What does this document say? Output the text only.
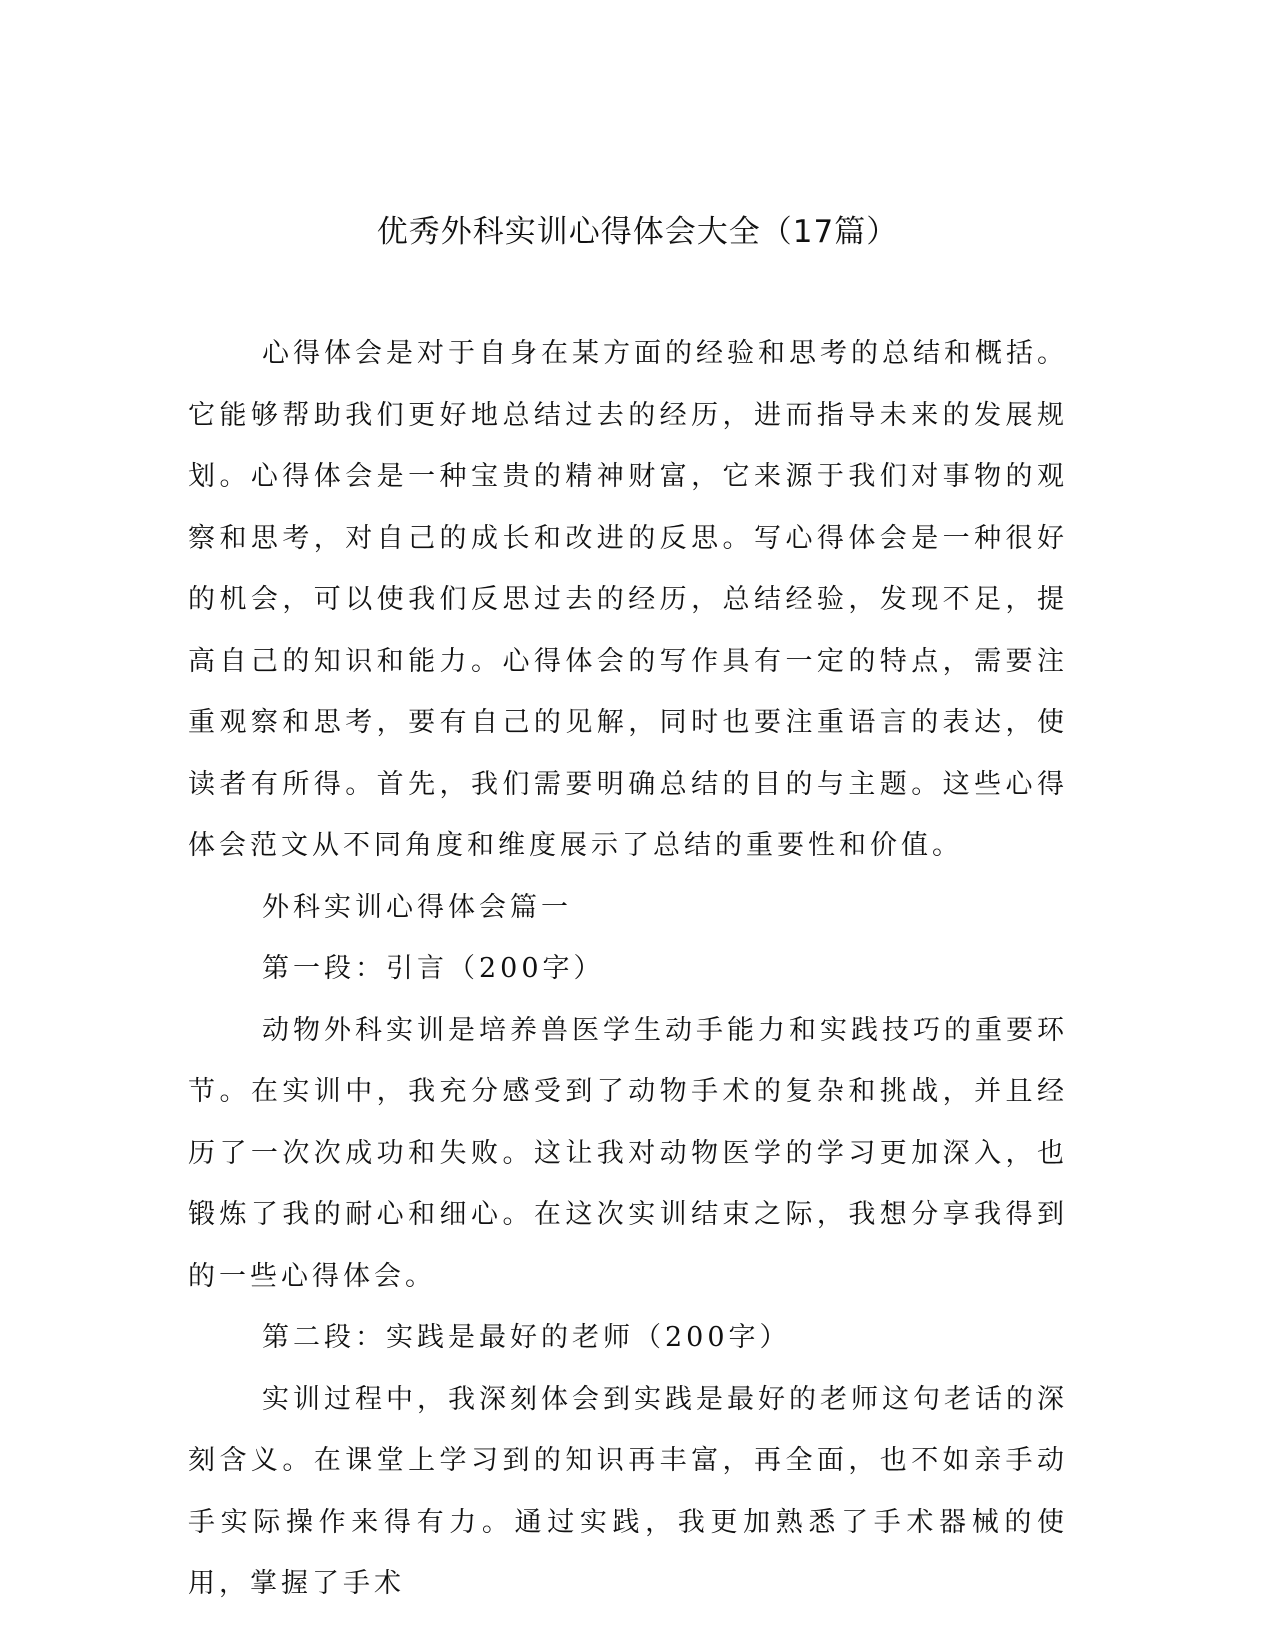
优秀外科实训心得体会大全（17篇）

心得体会是对于自身在某方面的经验和思考的总结和概括。它能够帮助我们更好地总结过去的经历，进而指导未来的发展规划。心得体会是一种宝贵的精神财富，它来源于我们对事物的观察和思考，对自己的成长和改进的反思。写心得体会是一种很好的机会，可以使我们反思过去的经历，总结经验，发现不足，提高自己的知识和能力。心得体会的写作具有一定的特点，需要注重观察和思考，要有自己的见解，同时也要注重语言的表达，使读者有所得。首先，我们需要明确总结的目的与主题。这些心得体会范文从不同角度和维度展示了总结的重要性和价值。

外科实训心得体会篇一

第一段：引言（200字）

动物外科实训是培养兽医学生动手能力和实践技巧的重要环节。在实训中，我充分感受到了动物手术的复杂和挑战，并且经历了一次次成功和失败。这让我对动物医学的学习更加深入，也锻炼了我的耐心和细心。在这次实训结束之际，我想分享我得到的一些心得体会。

第二段：实践是最好的老师（200字）

实训过程中，我深刻体会到实践是最好的老师这句老话的深刻含义。在课堂上学习到的知识再丰富，再全面，也不如亲手动手实际操作来得有力。通过实践，我更加熟悉了手术器械的使用，掌握了手术
